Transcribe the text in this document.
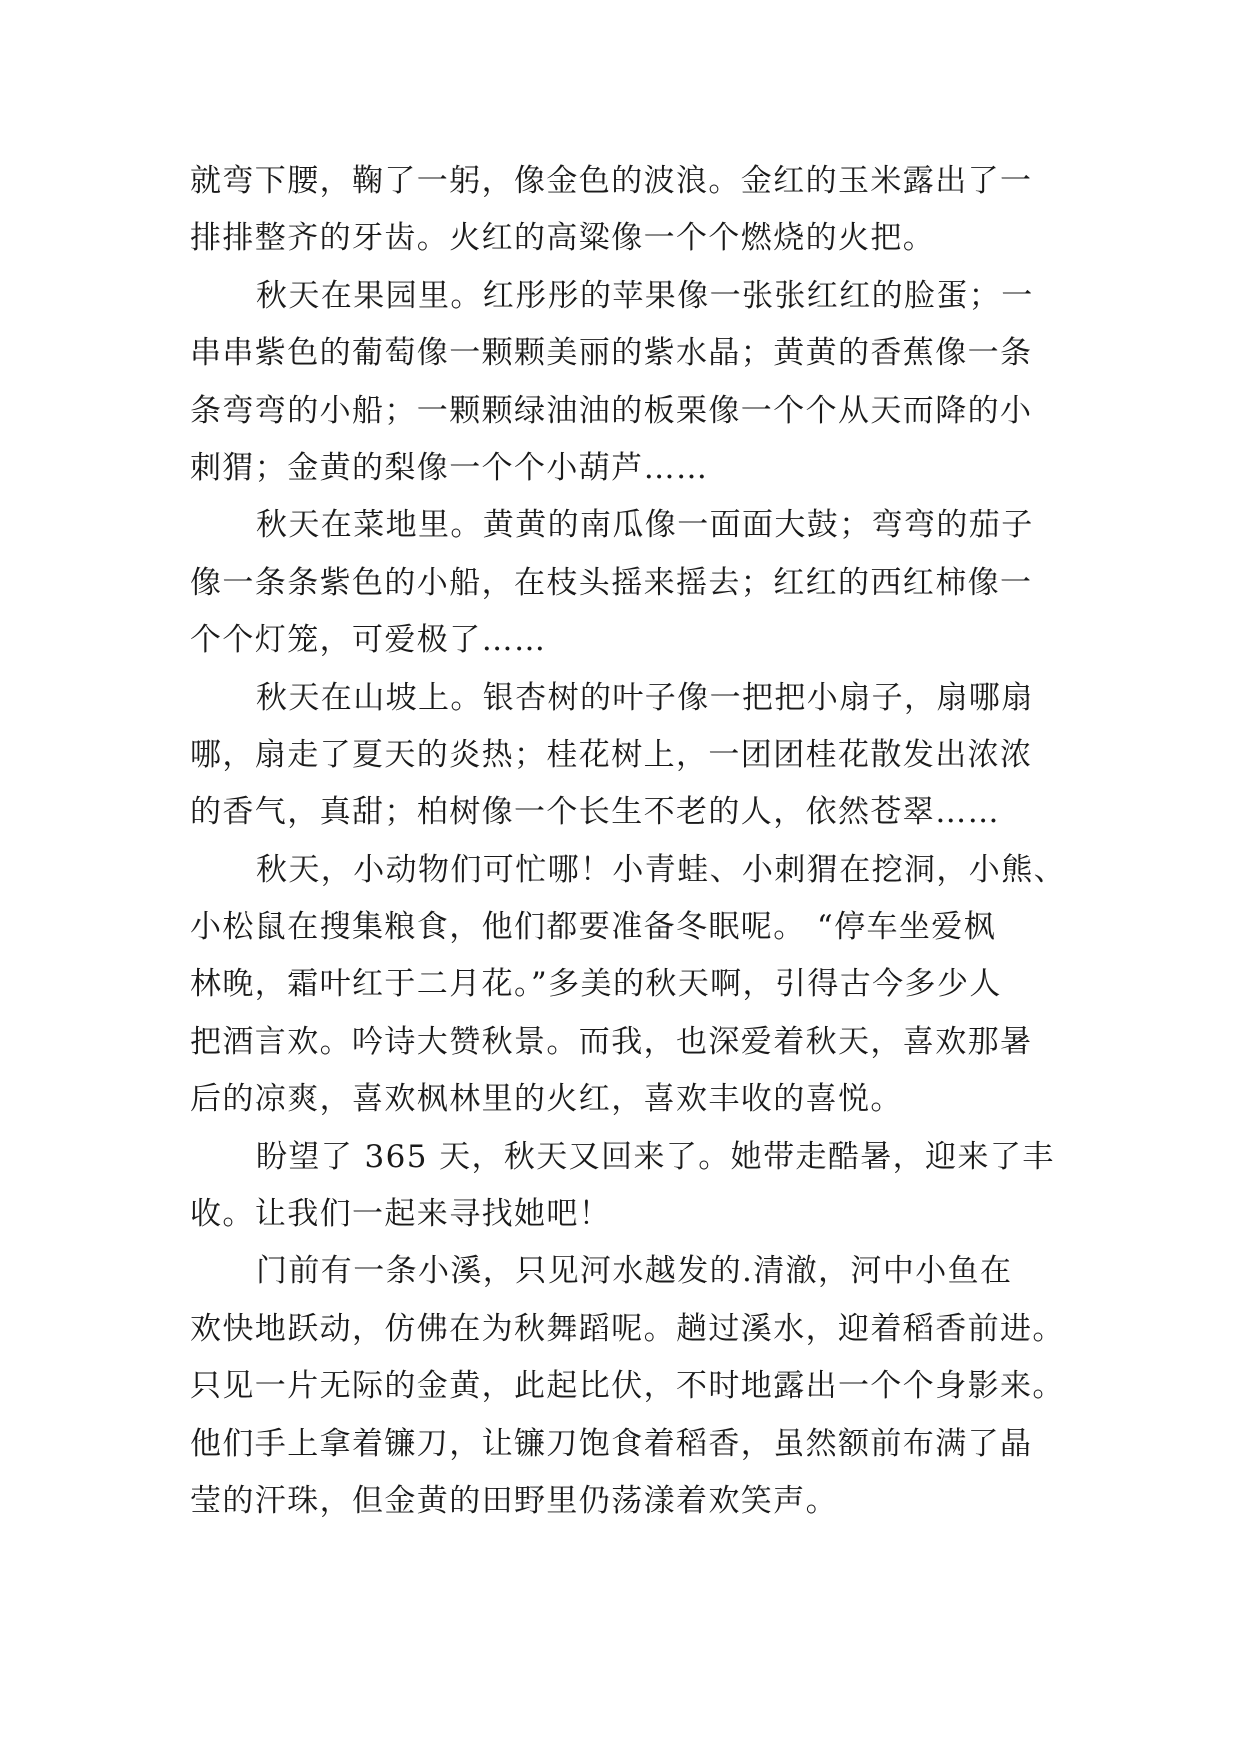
就弯下腰，鞠了一躬，像金色的波浪。金红的玉米露出了一
排排整齐的牙齿。火红的高粱像一个个燃烧的火把。
秋天在果园里。红彤彤的苹果像一张张红红的脸蛋；一
串串紫色的葡萄像一颗颗美丽的紫水晶；黄黄的香蕉像一条
条弯弯的小船；一颗颗绿油油的板栗像一个个从天而降的小
刺猬；金黄的梨像一个个小葫芦……
秋天在菜地里。黄黄的南瓜像一面面大鼓；弯弯的茄子
像一条条紫色的小船，在枝头摇来摇去；红红的西红柿像一
个个灯笼，可爱极了……
秋天在山坡上。银杏树的叶子像一把把小扇子，扇哪扇
哪，扇走了夏天的炎热；桂花树上，一团团桂花散发出浓浓
的香气，真甜；柏树像一个长生不老的人，依然苍翠……
秋天，小动物们可忙哪！小青蛙、小刺猬在挖洞，小熊、
小松鼠在搜集粮食，他们都要准备冬眠呢。 “停车坐爱枫
林晚，霜叶红于二月花。”多美的秋天啊，引得古今多少人
把酒言欢。吟诗大赞秋景。而我，也深爱着秋天，喜欢那暑
后的凉爽，喜欢枫林里的火红，喜欢丰收的喜悦。
盼望了 365 天，秋天又回来了。她带走酷暑，迎来了丰
收。让我们一起来寻找她吧！
门前有一条小溪，只见河水越发的.清澈，河中小鱼在
欢快地跃动，仿佛在为秋舞蹈呢。趟过溪水，迎着稻香前进。
只见一片无际的金黄，此起比伏，不时地露出一个个身影来。
他们手上拿着镰刀，让镰刀饱食着稻香，虽然额前布满了晶
莹的汗珠，但金黄的田野里仍荡漾着欢笑声。
